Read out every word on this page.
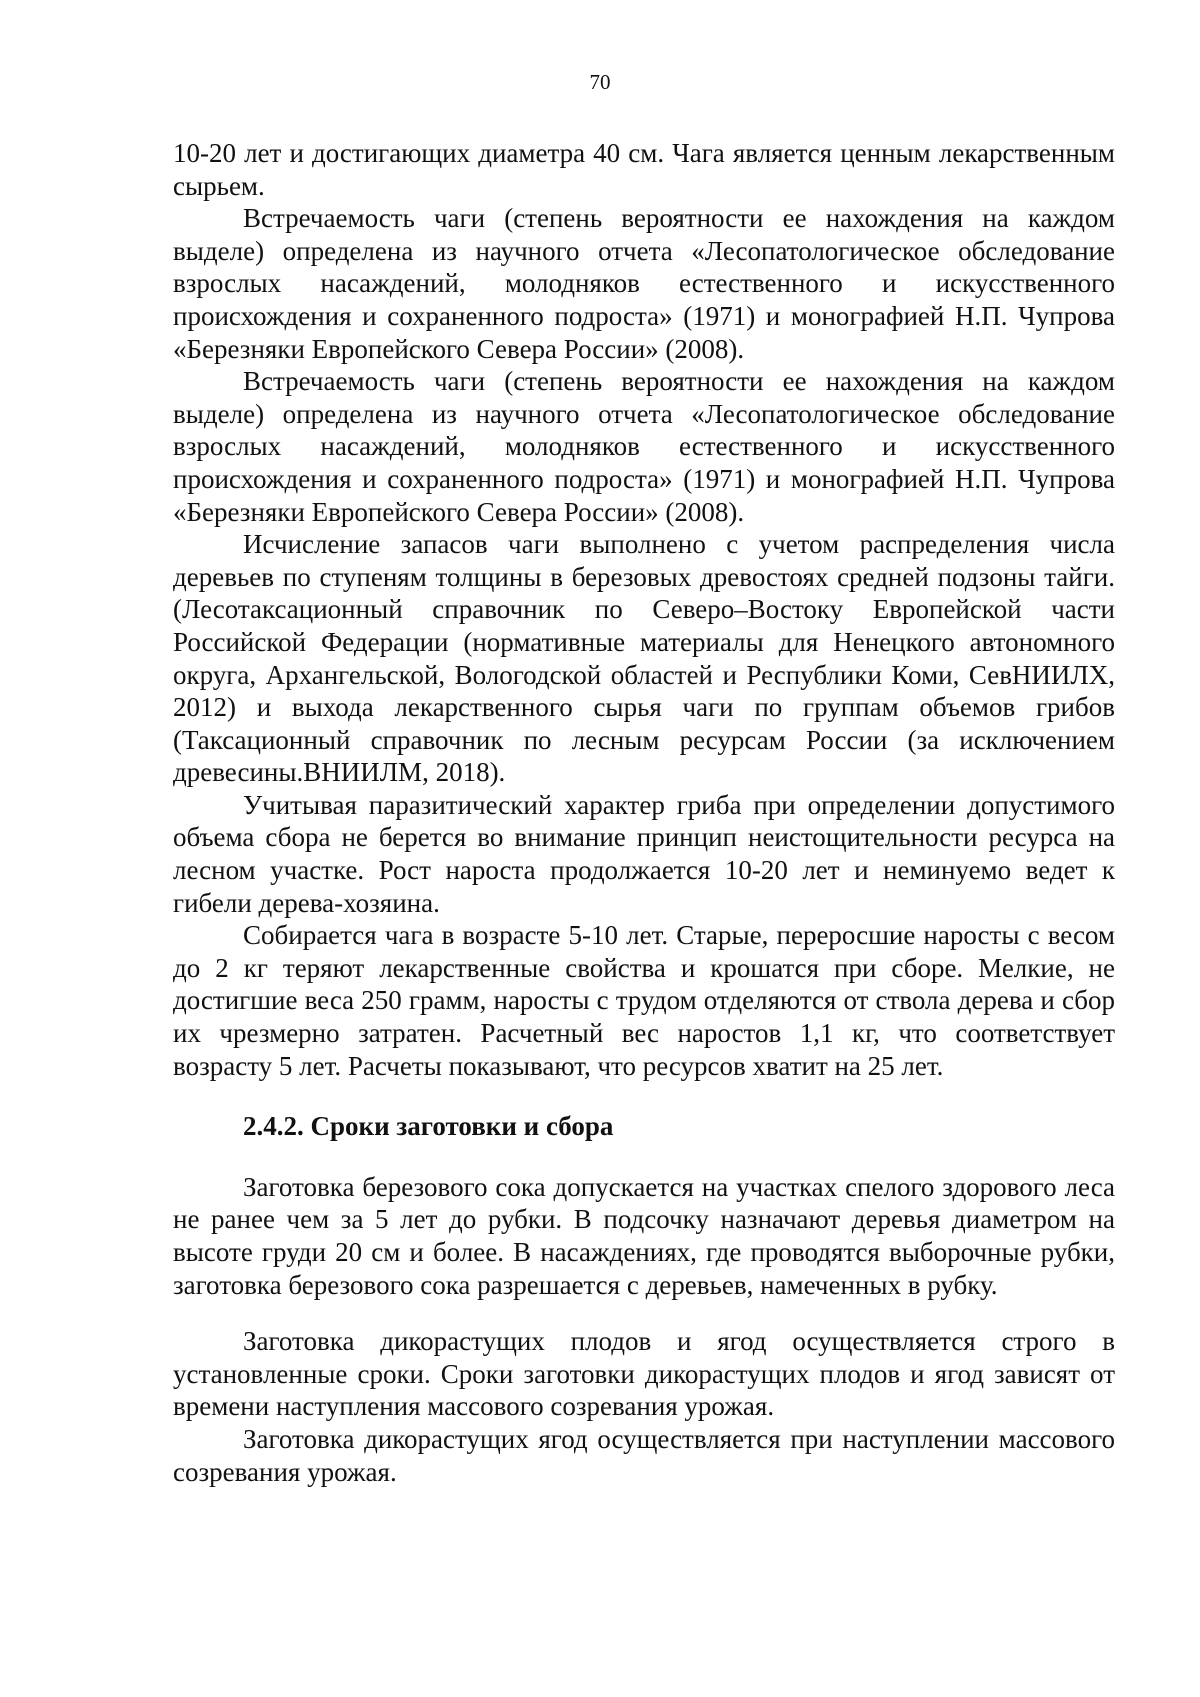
70

10-20 лет и достигающих диаметра 40 см. Чага является ценным лекарственным сырьем.

Встречаемость чаги (степень вероятности ее нахождения на каждом выделе) определена из научного отчета «Лесопатологическое обследование взрослых насаждений, молодняков естественного и искусственного происхождения и сохраненного подроста» (1971) и монографией Н.П. Чупрова «Березняки Европейского Севера России» (2008).

Встречаемость чаги (степень вероятности ее нахождения на каждом выделе) определена из научного отчета «Лесопатологическое обследование взрослых насаждений, молодняков естественного и искусственного происхождения и сохраненного подроста» (1971) и монографией Н.П. Чупрова «Березняки Европейского Севера России» (2008).

Исчисление запасов чаги выполнено с учетом распределения числа деревьев по ступеням толщины в березовых древостоях средней подзоны тайги. (Лесотаксационный справочник по Северо–Востоку Европейской части Российской Федерации (нормативные материалы для Ненецкого автономного округа, Архангельской, Вологодской областей и Республики Коми, СевНИИЛХ, 2012) и выхода лекарственного сырья чаги по группам объемов грибов (Таксационный справочник по лесным ресурсам России (за исключением древесины.ВНИИЛМ, 2018).

Учитывая паразитический характер гриба при определении допустимого объема сбора не берется во внимание принцип неистощительности ресурса на лесном участке. Рост нароста продолжается 10-20 лет и неминуемо ведет к гибели дерева-хозяина.

Собирается чага в возрасте 5-10 лет. Старые, переросшие наросты с весом до 2 кг теряют лекарственные свойства и крошатся при сборе. Мелкие, не достигшие веса 250 грамм, наросты с трудом отделяются от ствола дерева и сбор их чрезмерно затратен. Расчетный вес наростов 1,1 кг, что соответствует возрасту 5 лет. Расчеты показывают, что ресурсов хватит на 25 лет.

2.4.2. Сроки заготовки и сбора

Заготовка березового сока допускается на участках спелого здорового леса не ранее чем за 5 лет до рубки. В подсочку назначают деревья диаметром на высоте груди 20 см и более. В насаждениях, где проводятся выборочные рубки, заготовка березового сока разрешается с деревьев, намеченных в рубку.

Заготовка дикорастущих плодов и ягод осуществляется строго в установленные сроки. Сроки заготовки дикорастущих плодов и ягод зависят от времени наступления массового созревания урожая.

Заготовка дикорастущих ягод осуществляется при наступлении массового созревания урожая.
